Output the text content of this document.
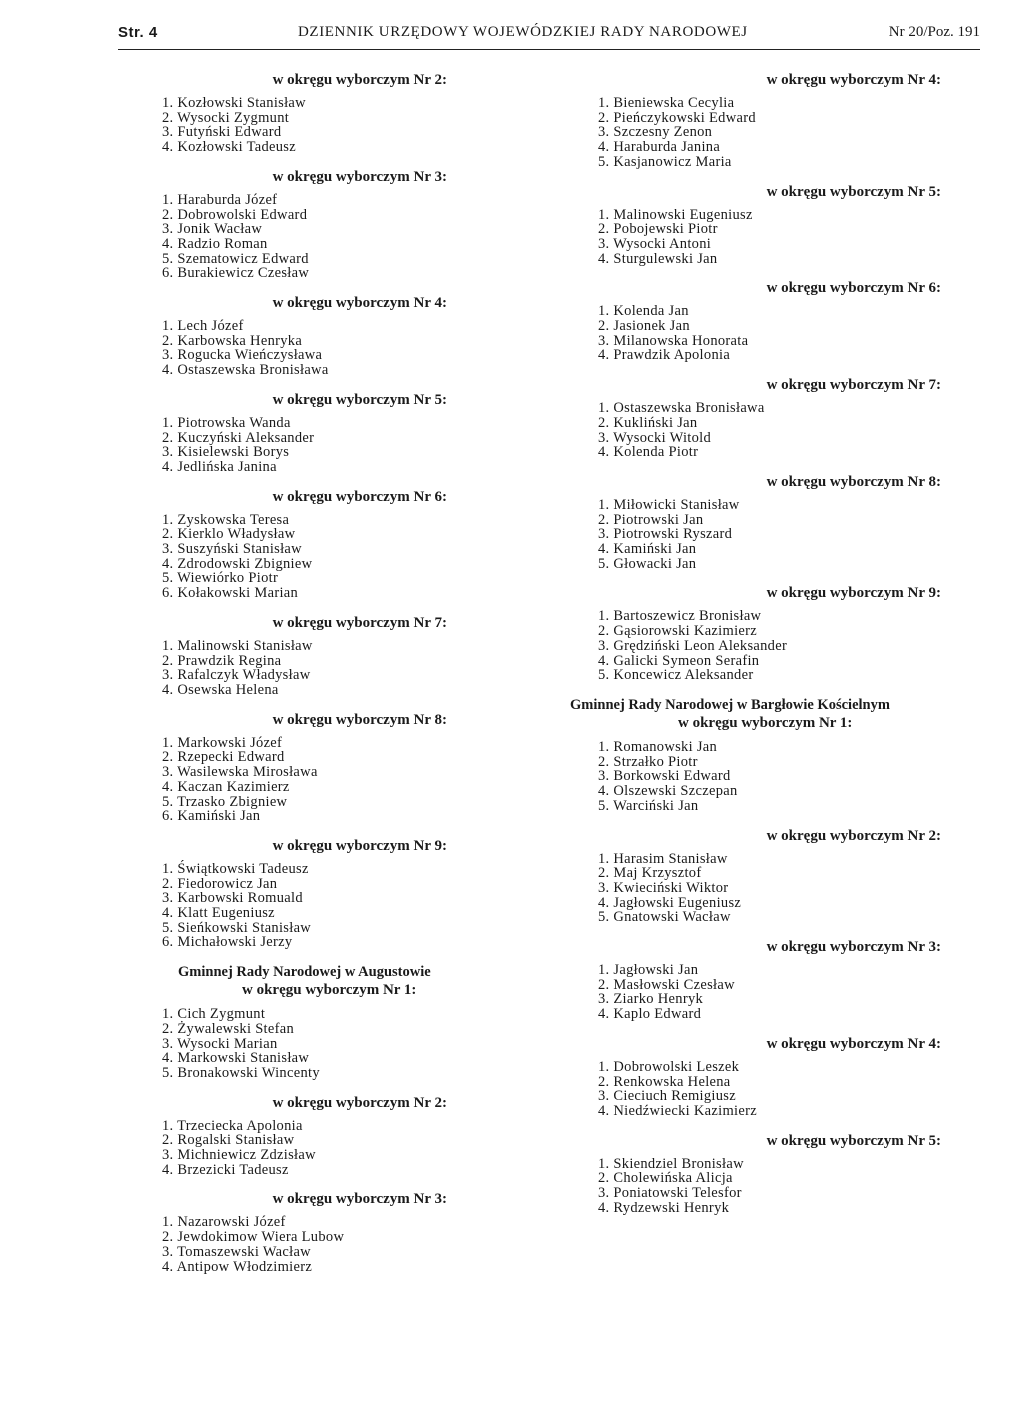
Str. 4	DZIENNIK URZĘDOWY WOJEWÓDZKIEJ RADY NARODOWEJ	Nr 20/Poz. 191
w okręgu wyborczym Nr 2:
1. Kozłowski Stanisław
2. Wysocki Zygmunt
3. Futyński Edward
4. Kozłowski Tadeusz
w okręgu wyborczym Nr 3:
1. Haraburda Józef
2. Dobrowolski Edward
3. Jonik Wacław
4. Radzio Roman
5. Szematowicz Edward
6. Burakiewicz Czesław
w okręgu wyborczym Nr 4:
1. Lech Józef
2. Karbowska Henryka
3. Rogucka Wieńczysława
4. Ostaszewska Bronisława
w okręgu wyborczym Nr 5:
1. Piotrowska Wanda
2. Kuczyński Aleksander
3. Kisielewski Borys
4. Jedlińska Janina
w okręgu wyborczym Nr 6:
1. Zyskowska Teresa
2. Kierklo Władysław
3. Suszyński Stanisław
4. Zdrodowski Zbigniew
5. Wiewiórko Piotr
6. Kołakowski Marian
w okręgu wyborczym Nr 7:
1. Malinowski Stanisław
2. Prawdzik Regina
3. Rafalczyk Władysław
4. Osewska Helena
w okręgu wyborczym Nr 8:
1. Markowski Józef
2. Rzepecki Edward
3. Wasilewska Mirosława
4. Kaczan Kazimierz
5. Trzasko Zbigniew
6. Kamiński Jan
w okręgu wyborczym Nr 9:
1. Świątkowski Tadeusz
2. Fiedorowicz Jan
3. Karbowski Romuald
4. Klatt Eugeniusz
5. Sieńkowski Stanisław
6. Michałowski Jerzy
Gminnej Rady Narodowej w Augustowie
w okręgu wyborczym Nr 1:
1. Cich Zygmunt
2. Żywalewski Stefan
3. Wysocki Marian
4. Markowski Stanisław
5. Bronakowski Wincenty
w okręgu wyborczym Nr 2:
1. Trzeciecka Apolonia
2. Rogalski Stanisław
3. Michniewicz Zdzisław
4. Brzezicki Tadeusz
w okręgu wyborczym Nr 3:
1. Nazarowski Józef
2. Jewdokimow Wiera Lubow
3. Tomaszewski Wacław
4. Antipow Włodzimierz
w okręgu wyborczym Nr 4:
1. Bieniewska Cecylia
2. Pieńczykowski Edward
3. Szczesny Zenon
4. Haraburda Janina
5. Kasjanowicz Maria
w okręgu wyborczym Nr 5:
1. Malinowski Eugeniusz
2. Pobojewski Piotr
3. Wysocki Antoni
4. Sturgulewski Jan
w okręgu wyborczym Nr 6:
1. Kolenda Jan
2. Jasionek Jan
3. Milanowska Honorata
4. Prawdzik Apolonia
w okręgu wyborczym Nr 7:
1. Ostaszewska Bronisława
2. Kukliński Jan
3. Wysocki Witold
4. Kolenda Piotr
w okręgu wyborczym Nr 8:
1. Miłowicki Stanisław
2. Piotrowski Jan
3. Piotrowski Ryszard
4. Kamiński Jan
5. Głowacki Jan
w okręgu wyborczym Nr 9:
1. Bartoszewicz Bronisław
2. Gąsiorowski Kazimierz
3. Grędziński Leon Aleksander
4. Galicki Symeon Serafin
5. Koncewicz Aleksander
Gminnej Rady Narodowej w Bargłowie Kościelnym
w okręgu wyborczym Nr 1:
1. Romanowski Jan
2. Strzałko Piotr
3. Borkowski Edward
4. Olszewski Szczepan
5. Warciński Jan
w okręgu wyborczym Nr 2:
1. Harasim Stanisław
2. Maj Krzysztof
3. Kwieciński Wiktor
4. Jagłowski Eugeniusz
5. Gnatowski Wacław
w okręgu wyborczym Nr 3:
1. Jagłowski Jan
2. Masłowski Czesław
3. Ziarko Henryk
4. Kaplo Edward
w okręgu wyborczym Nr 4:
1. Dobrowolski Leszek
2. Renkowska Helena
3. Cieciuch Remigiusz
4. Niedźwiecki Kazimierz
w okręgu wyborczym Nr 5:
1. Skiendziel Bronisław
2. Cholewińska Alicja
3. Poniatowski Telesfor
4. Rydzewski Henryk
